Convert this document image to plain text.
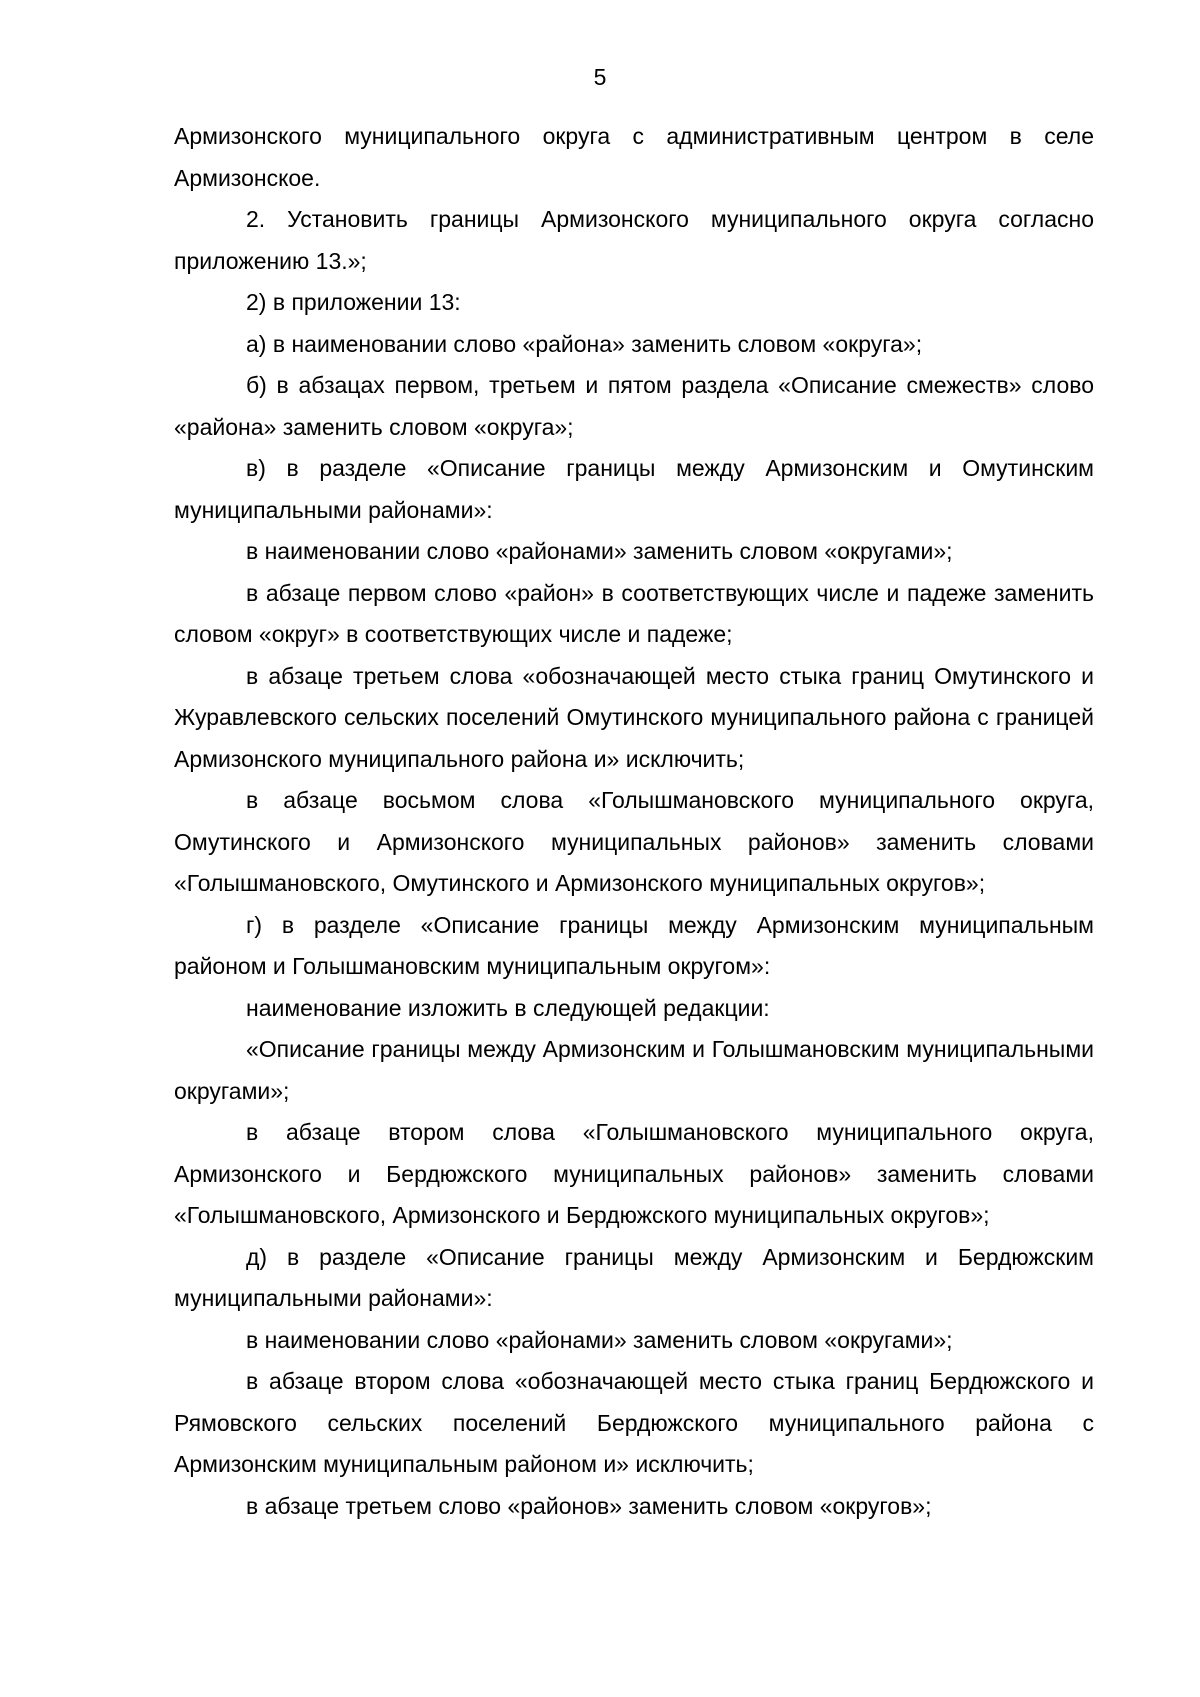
5

Армизонского муниципального округа с административным центром в селе Армизонское.

2. Установить границы Армизонского муниципального округа согласно приложению 13.»;

2) в приложении 13:

а) в наименовании слово «района» заменить словом «округа»;

б) в абзацах первом, третьем и пятом раздела «Описание смежеств» слово «района» заменить словом «округа»;

в) в разделе «Описание границы между Армизонским и Омутинским муниципальными районами»:

в наименовании слово «районами» заменить словом «округами»;

в абзаце первом слово «район» в соответствующих числе и падеже заменить словом «округ» в соответствующих числе и падеже;

в абзаце третьем слова «обозначающей место стыка границ Омутинского и Журавлевского сельских поселений Омутинского муниципального района с границей Армизонского муниципального района и» исключить;

в абзаце восьмом слова «Голышмановского муниципального округа, Омутинского и Армизонского муниципальных районов» заменить словами «Голышмановского, Омутинского и Армизонского муниципальных округов»;

г) в разделе «Описание границы между Армизонским муниципальным районом и Голышмановским муниципальным округом»:

наименование изложить в следующей редакции:

«Описание границы между Армизонским и Голышмановским муниципальными округами»;

в абзаце втором слова «Голышмановского муниципального округа, Армизонского и Бердюжского муниципальных районов» заменить словами «Голышмановского, Армизонского и Бердюжского муниципальных округов»;

д) в разделе «Описание границы между Армизонским и Бердюжским муниципальными районами»:

в наименовании слово «районами» заменить словом «округами»;

в абзаце втором слова «обозначающей место стыка границ Бердюжского и Рямовского сельских поселений Бердюжского муниципального района с Армизонским муниципальным районом и» исключить;

в абзаце третьем слово «районов» заменить словом «округов»;
